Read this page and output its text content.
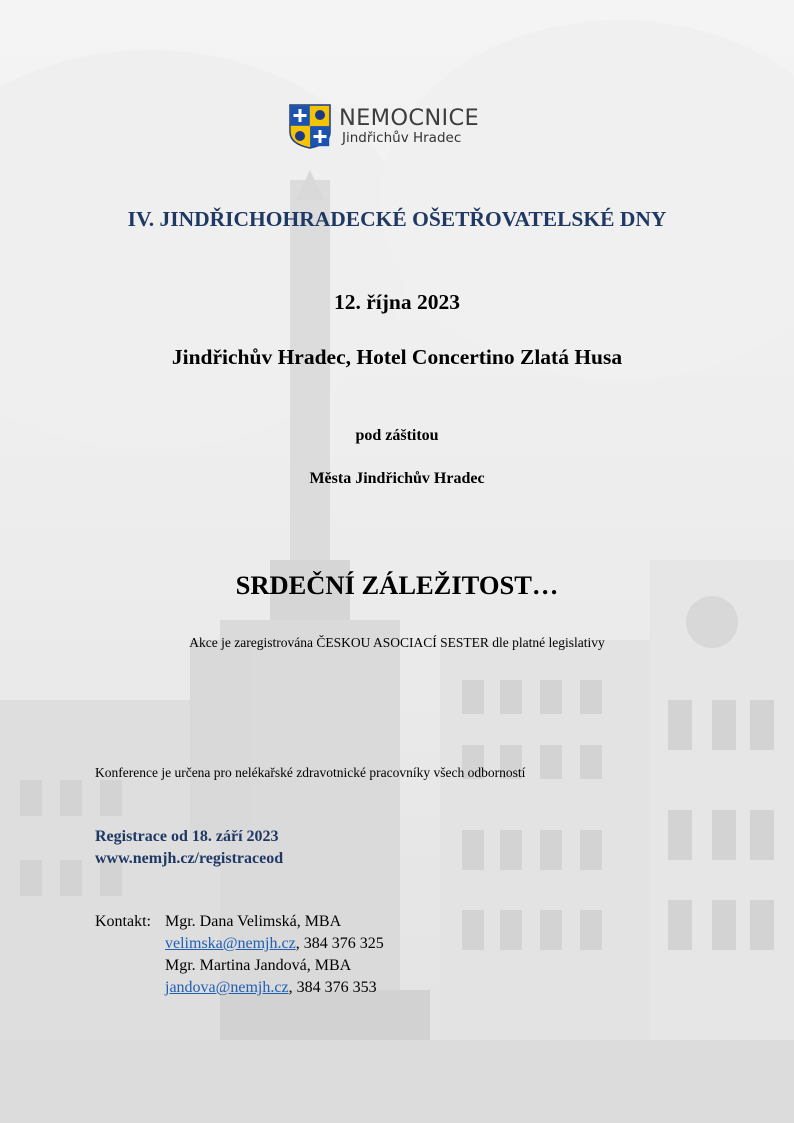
NEMOCNICE
Jindřichův Hradec
IV. JINDŘICHOHRADECKÉ OŠETŘOVATELSKÉ DNY
12. října 2023
Jindřichův Hradec, Hotel Concertino Zlatá Husa
pod záštitou
Města Jindřichův Hradec
SRDEČNÍ ZÁLEŽITOST…
Akce je zaregistrována ČESKOU ASOCIACÍ SESTER dle platné legislativy
Konference je určena pro nelékařské zdravotnické pracovníky všech odborností
Registrace od 18. září 2023
www.nemjh.cz/registraceod
Kontakt: Mgr. Dana Velimská, MBA
velimska@nemjh.cz, 384 376 325
Mgr. Martina Jandová, MBA
jandova@nemjh.cz, 384 376 353
